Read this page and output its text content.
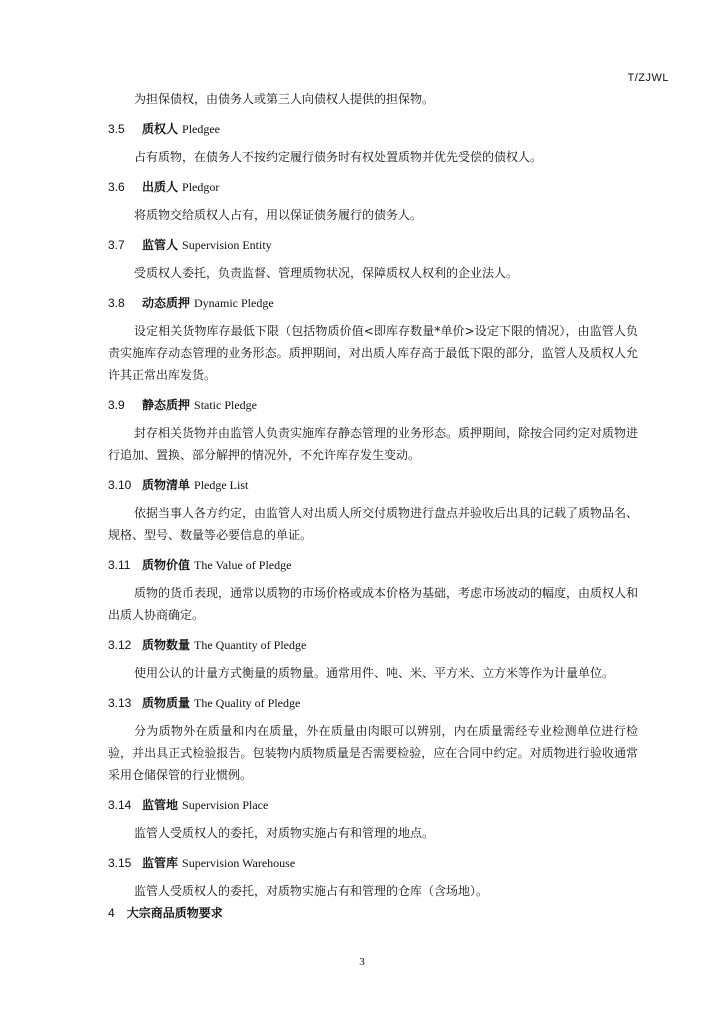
T/ZJWL

为担保债权，由债务人或第三人向债权人提供的担保物。

3.5 质权人 Pledgee

占有质物，在债务人不按约定履行债务时有权处置质物并优先受偿的债权人。

3.6 出质人 Pledgor

将质物交给质权人占有，用以保证债务履行的债务人。

3.7 监管人 Supervision Entity

受质权人委托，负责监督、管理质物状况，保障质权人权利的企业法人。

3.8 动态质押 Dynamic Pledge

设定相关货物库存最低下限（包括物质价值<即库存数量*单价>设定下限的情况），由监管人负责实施库存动态管理的业务形态。质押期间，对出质人库存高于最低下限的部分，监管人及质权人允许其正常出库发货。

3.9 静态质押 Static Pledge

封存相关货物并由监管人负责实施库存静态管理的业务形态。质押期间，除按合同约定对质物进行追加、置换、部分解押的情况外，不允许库存发生变动。

3.10 质物清单 Pledge List

依据当事人各方约定，由监管人对出质人所交付质物进行盘点并验收后出具的记载了质物品名、规格、型号、数量等必要信息的单证。

3.11 质物价值 The Value of Pledge

质物的货币表现，通常以质物的市场价格或成本价格为基础，考虑市场波动的幅度，由质权人和出质人协商确定。

3.12 质物数量 The Quantity of Pledge

使用公认的计量方式衡量的质物量。通常用件、吨、米、平方米、立方米等作为计量单位。

3.13 质物质量 The Quality of Pledge

分为质物外在质量和内在质量，外在质量由肉眼可以辨别，内在质量需经专业检测单位进行检验，并出具正式检验报告。包装物内质物质量是否需要检验，应在合同中约定。对质物进行验收通常采用仓储保管的行业惯例。

3.14 监管地 Supervision Place

监管人受质权人的委托，对质物实施占有和管理的地点。

3.15 监管库 Supervision Warehouse

监管人受质权人的委托，对质物实施占有和管理的仓库（含场地）。

4 大宗商品质物要求
3
